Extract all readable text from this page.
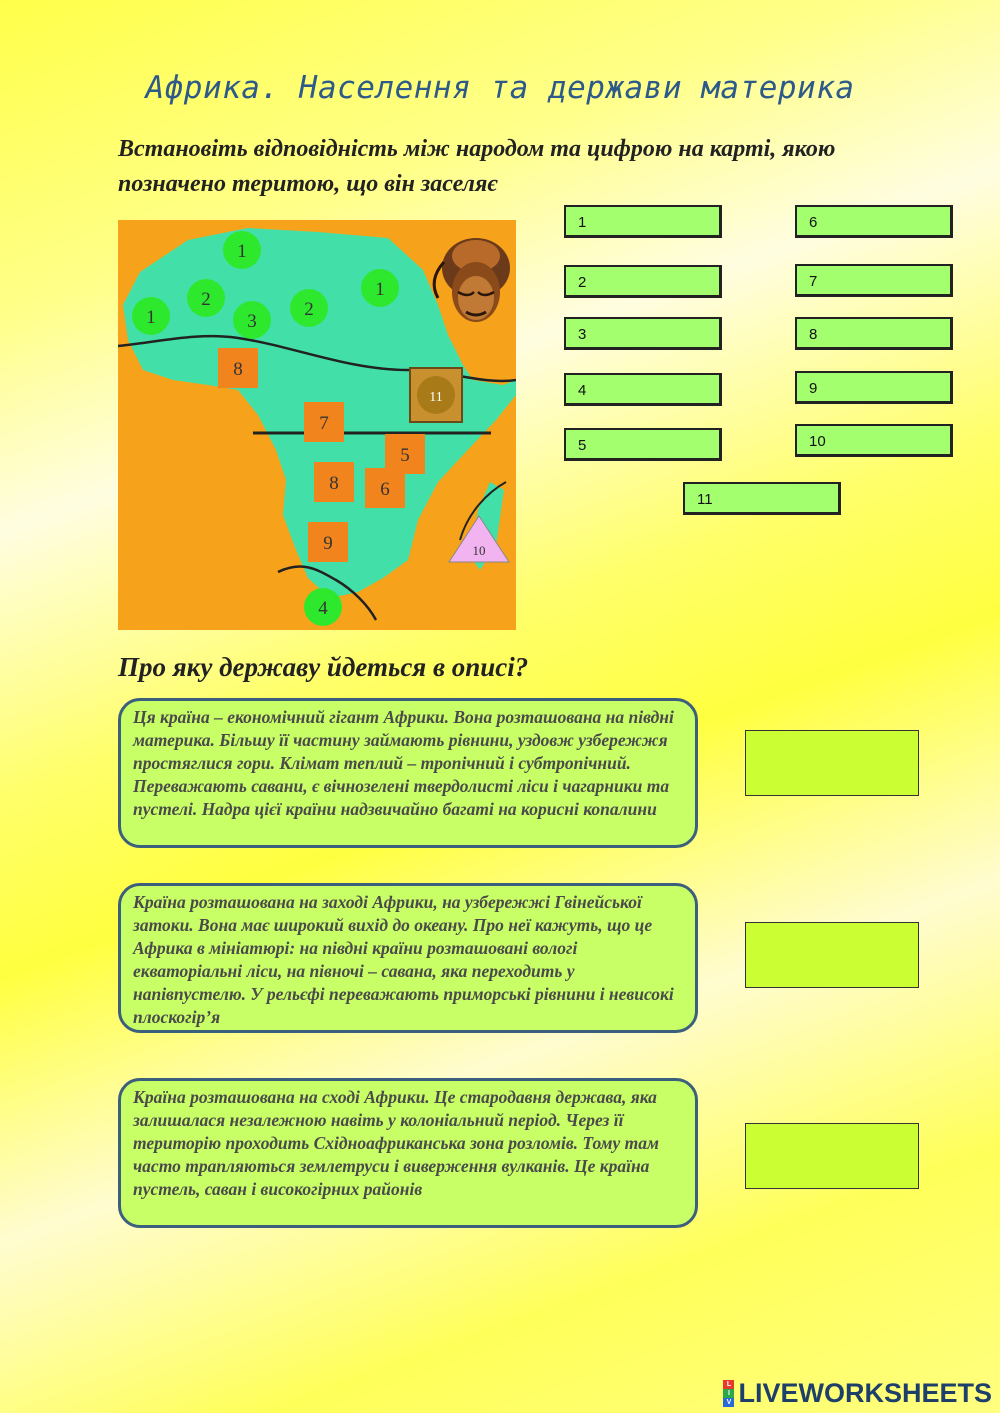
Африка. Населення та держави материка
Встановіть відповідність між народом та цифрою на карті, якою позначено теритою, що він заселяє
1
1
1
2	2
3
4
8
7
5
8 6
9
11
10
1
2
3
4
5
6
7
8
9
10
11
Про яку державу йдеться в описі?
Ця країна – економічний гігант Африки. Вона розташована на півдні материка. Більшу її частину займають рівнини, уздовж узбережжя простяглися гори. Клімат теплий – тропічний і субтропічний. Переважають савани, є вічнозелені твердолисті ліси і чагарники та пустелі. Надра цієї країни надзвичайно багаті на корисні копалини
Країна розташована на заході Африки, на узбережжі Гвінейської затоки. Вона має широкий вихід до океану. Про неї кажуть, що це Африка в мініатюрі: на півдні країни розташовані вологі екваторіальні ліси, на півночі – савана, яка переходить у напівпустелю. У рельєфі переважають приморські рівнини і невисокі плоскогір’я
Країна розташована на сході Африки. Це стародавня держава, яка залишалася незалежною навіть у колоніальний період. Через її територію проходить Східноафриканська зона розломів. Тому там часто трапляються землетруси і виверження вулканів. Це країна пустель, саван і високогірних районів
L
I
V LIVEWORKSHEETS
